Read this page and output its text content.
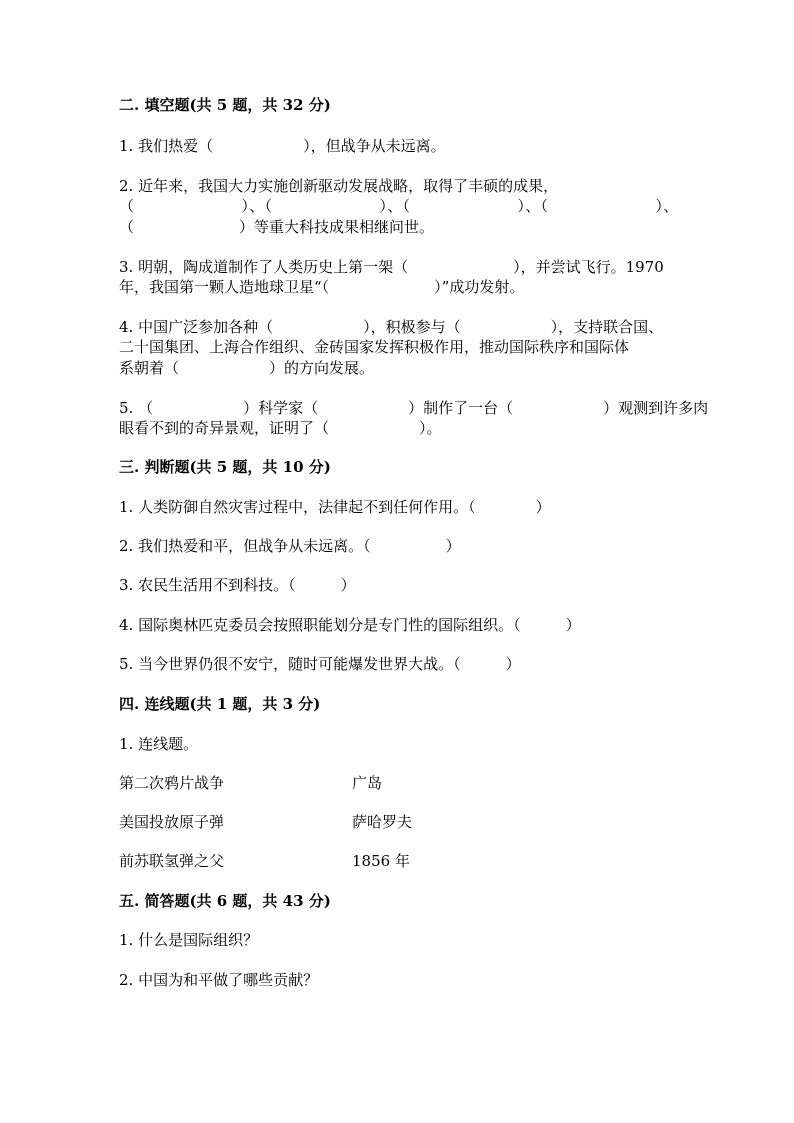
二. 填空题(共 5 题，共 32 分)
1. 我们热爱（　　　　　　），但战争从未远离。
2. 近年来，我国大力实施创新驱动发展战略，取得了丰硕的成果，
（　　　　　　　）、（　　　　　　　）、（　　　　　　　）、（　　　　　　　）、
（　　　　　　　）等重大科技成果相继问世。
3. 明朝，陶成道制作了人类历史上第一架（　　　　　　　），并尝试飞行。1970
年，我国第一颗人造地球卫星“（　　　　　　　）”成功发射。
4. 中国广泛参加各种（　　　　　　），积极参与（　　　　　　），支持联合国、
二十国集团、上海合作组织、金砖国家发挥积极作用，推动国际秩序和国际体
系朝着（　　　　　　）的方向发展。
5. （　　　　　　）科学家（　　　　　　）制作了一台（　　　　　　）观测到许多肉
眼看不到的奇异景观，证明了（　　　　　　）。
三. 判断题(共 5 题，共 10 分)
1. 人类防御自然灾害过程中，法律起不到任何作用。（　　　　）
2. 我们热爱和平，但战争从未远离。（　　　　　）
3. 农民生活用不到科技。（　　　）
4. 国际奥林匹克委员会按照职能划分是专门性的国际组织。（　　　）
5. 当今世界仍很不安宁，随时可能爆发世界大战。（　　　）
四. 连线题(共 1 题，共 3 分)
1. 连线题。
第二次鸦片战争	广岛
美国投放原子弹	萨哈罗夫
前苏联氢弹之父	1856 年
五. 简答题(共 6 题，共 43 分)
1. 什么是国际组织？
2. 中国为和平做了哪些贡献？
